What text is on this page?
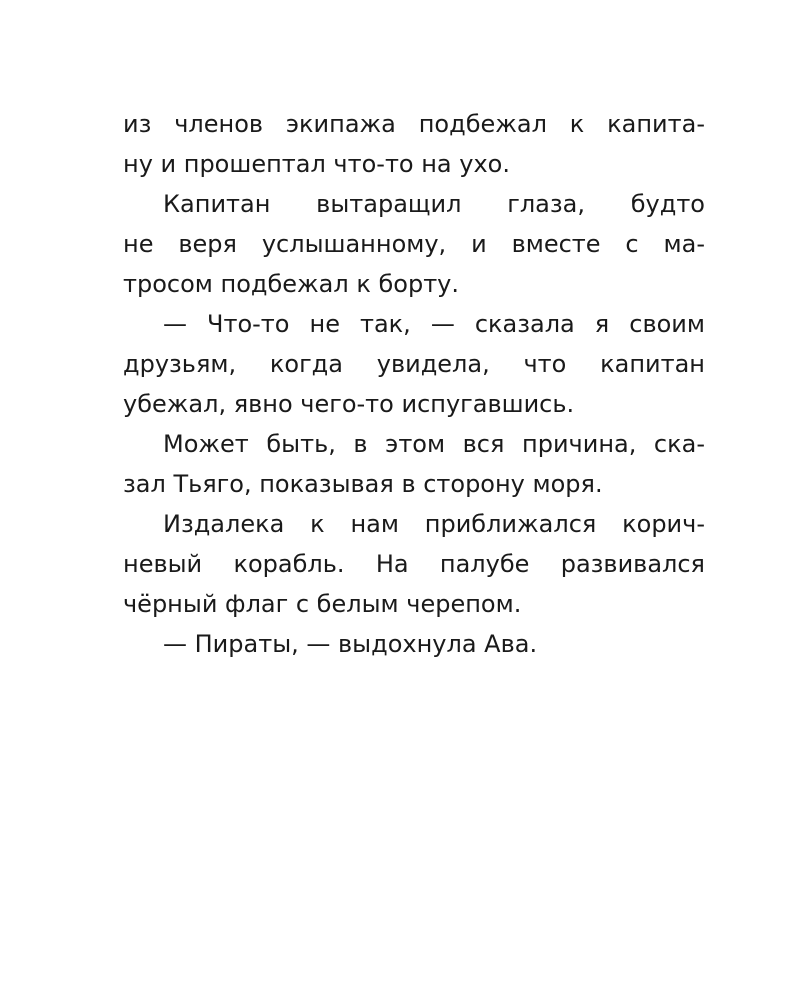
из членов экипажа подбежал к капита-
ну и прошептал что-то на ухо.
Капитан вытаращил глаза, будто
не веря услышанному, и вместе с ма-
тросом подбежал к борту.
— Что-то не так, — сказала я своим
друзьям, когда увидела, что капитан
убежал, явно чего-то испугавшись.
Может быть, в этом вся причина, ска-
зал Тьяго, показывая в сторону моря.
Издалека к нам приближался корич-
невый корабль. На палубе развивался
чёрный флаг с белым черепом.
— Пираты, — выдохнула Ава.
